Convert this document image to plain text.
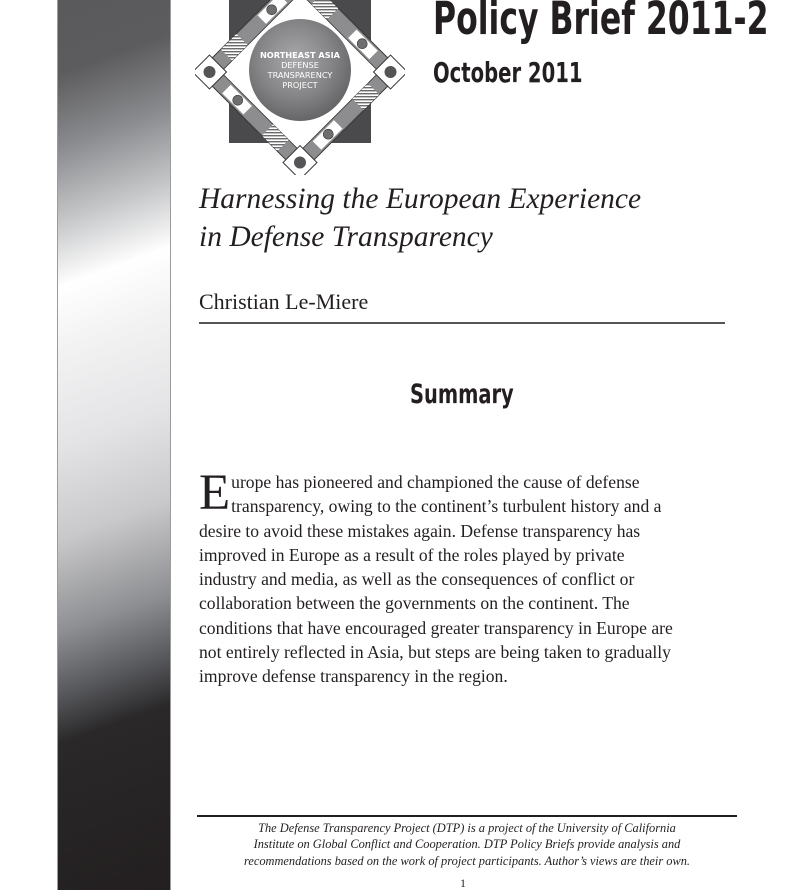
NORTHEAST ASIA
DEFENSE
TRANSPARENCY
PROJECT
Policy Brief 2011-2
October 2011
Harnessing the European Experience
in Defense Transparency

Christian Le-Miere

Summary

Europe has pioneered and championed the cause of defense transparency, owing to the continent’s turbulent history and a desire to avoid these mistakes again. Defense transparency has improved in Europe as a result of the roles played by private industry and media, as well as the consequences of conflict or collaboration between the governments on the continent. The conditions that have encouraged greater transparency in Europe are not entirely reflected in Asia, but steps are being taken to gradually improve defense transparency in the region.

The Defense Transparency Project (DTP) is a project of the University of California
Institute on Global Conflict and Cooperation. DTP Policy Briefs provide analysis and
recommendations based on the work of project participants. Author’s views are their own.

1
